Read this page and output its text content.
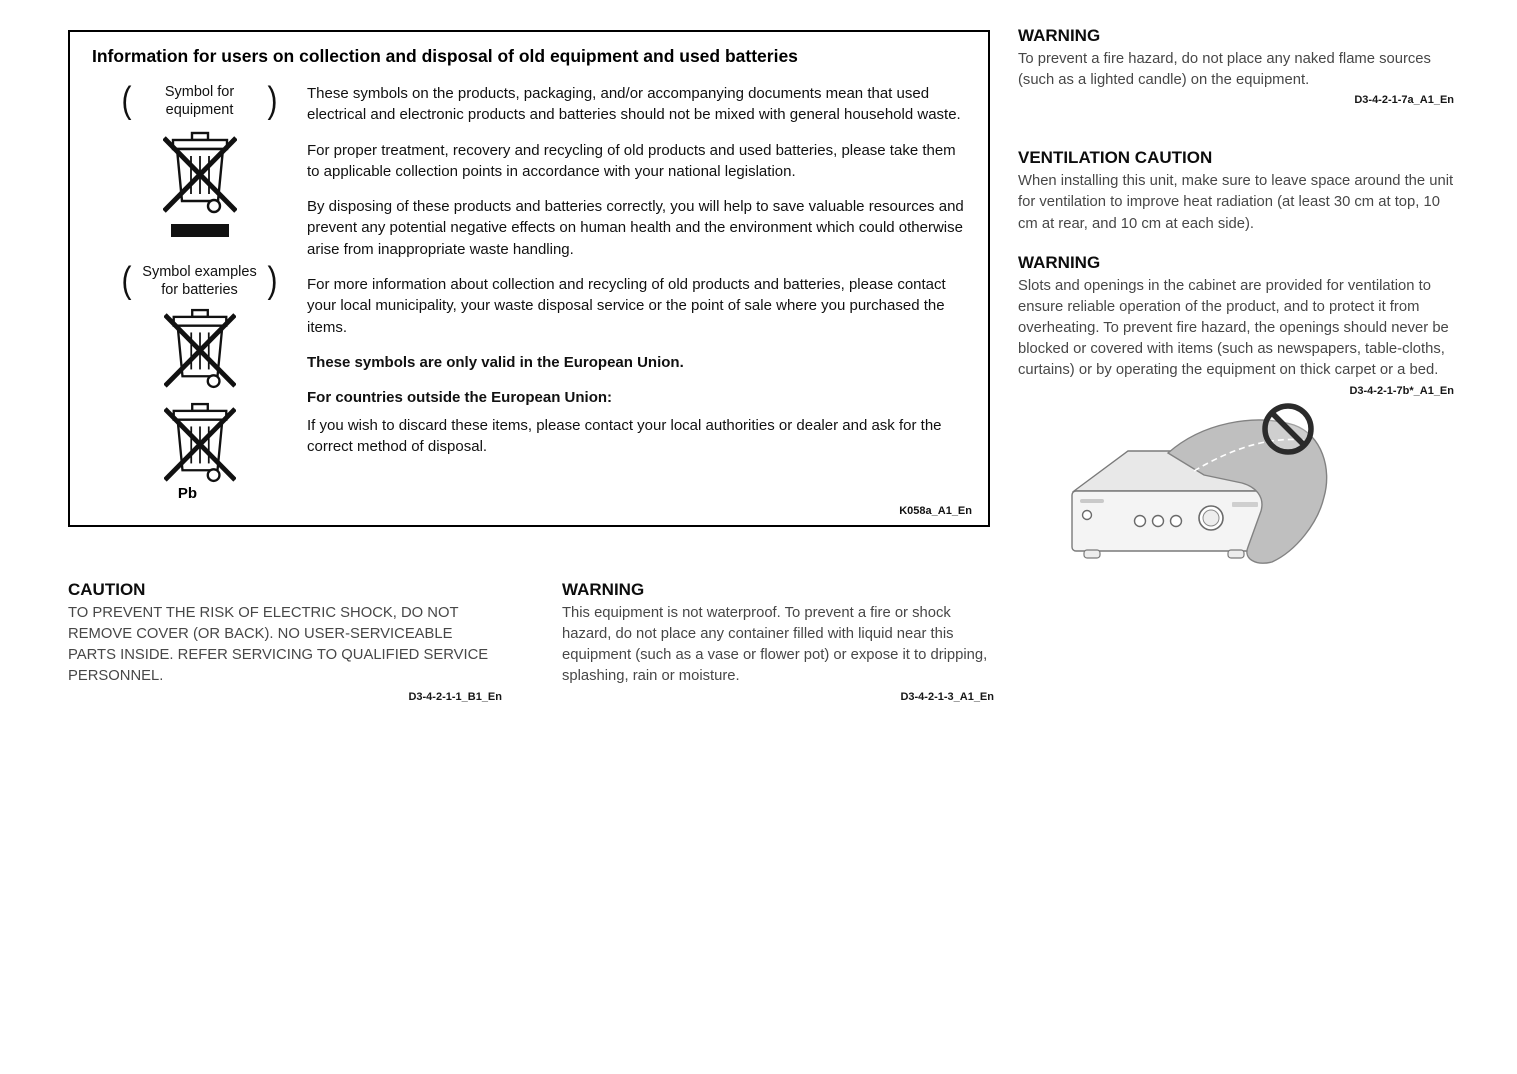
Information for users on collection and disposal of old equipment and used batteries
(	Symbol for equipment	)
( Symbol examples for batteries )
Pb

These symbols on the products, packaging, and/or accompanying documents mean that used electrical and electronic products and batteries should not be mixed with general household waste.

For proper treatment, recovery and recycling of old products and used batteries, please take them to applicable collection points in accordance with your national legislation.

By disposing of these products and batteries correctly, you will help to save valuable resources and prevent any potential negative effects on human health and the environment which could otherwise arise from inappropriate waste handling.

For more information about collection and recycling of old products and batteries, please contact your local municipality, your waste disposal service or the point of sale where you purchased the items.

These symbols are only valid in the European Union.

For countries outside the European Union:

If you wish to discard these items, please contact your local authorities or dealer and ask for the correct method of disposal.

K058a_A1_En
CAUTION

TO PREVENT THE RISK OF ELECTRIC SHOCK, DO NOT REMOVE COVER (OR BACK). NO USER-SERVICEABLE PARTS INSIDE. REFER SERVICING TO QUALIFIED SERVICE PERSONNEL.

D3-4-2-1-1_B1_En
WARNING

This equipment is not waterproof. To prevent a fire or shock hazard, do not place any container filled with liquid near this equipment (such as a vase or flower pot) or expose it to dripping, splashing, rain or moisture.

D3-4-2-1-3_A1_En
WARNING

To prevent a fire hazard, do not place any naked flame sources (such as a lighted candle) on the equipment.

D3-4-2-1-7a_A1_En
VENTILATION CAUTION

When installing this unit, make sure to leave space around the unit for ventilation to improve heat radiation (at least 30 cm at top, 10 cm at rear, and 10 cm at each side).

WARNING

Slots and openings in the cabinet are provided for ventilation to ensure reliable operation of the product, and to protect it from overheating. To prevent fire hazard, the openings should never be blocked or covered with items (such as newspapers, table-cloths, curtains) or by operating the equipment on thick carpet or a bed.

D3-4-2-1-7b*_A1_En
